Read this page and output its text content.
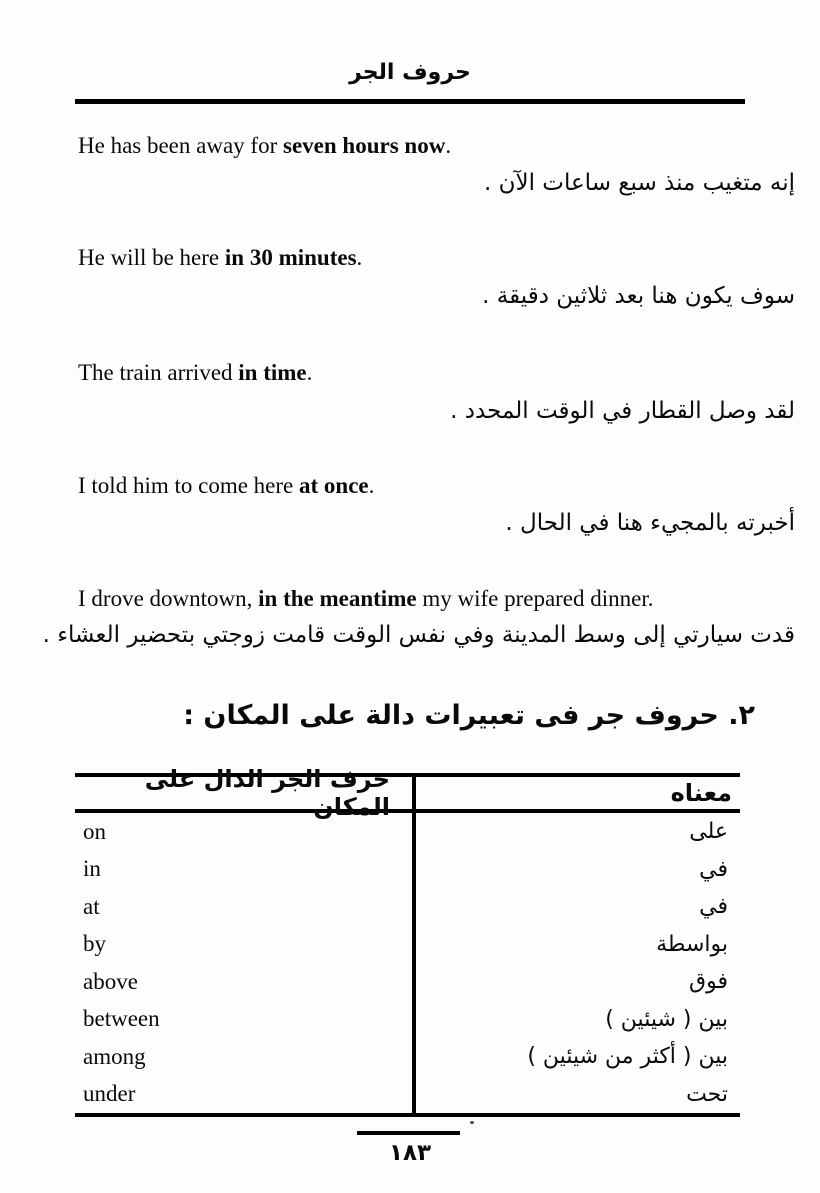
حروف الجر
He has been away for seven hours now.
إنه متغيب منذ سبع ساعات الآن .
He will be here in 30 minutes.
سوف يكون هنا بعد ثلاثين دقيقة .
The train arrived in time.
لقد وصل القطار في الوقت المحدد .
I told him to come here at once.
أخبرته بالمجيء هنا في الحال .
I drove downtown, in the meantime my wife prepared dinner.
قدت سيارتي إلى وسط المدينة وفي نفس الوقت قامت زوجتي بتحضير العشاء .
٢. حروف جر فى تعبيرات دالة على المكان :
حرف الجر الدال على المكان	معناه
on	على
in	في
at	في
by	بواسطة
above	فوق
between	بين ( شيئين )
among	بين ( أكثر من شيئين )
under	تحت
١٨٣
